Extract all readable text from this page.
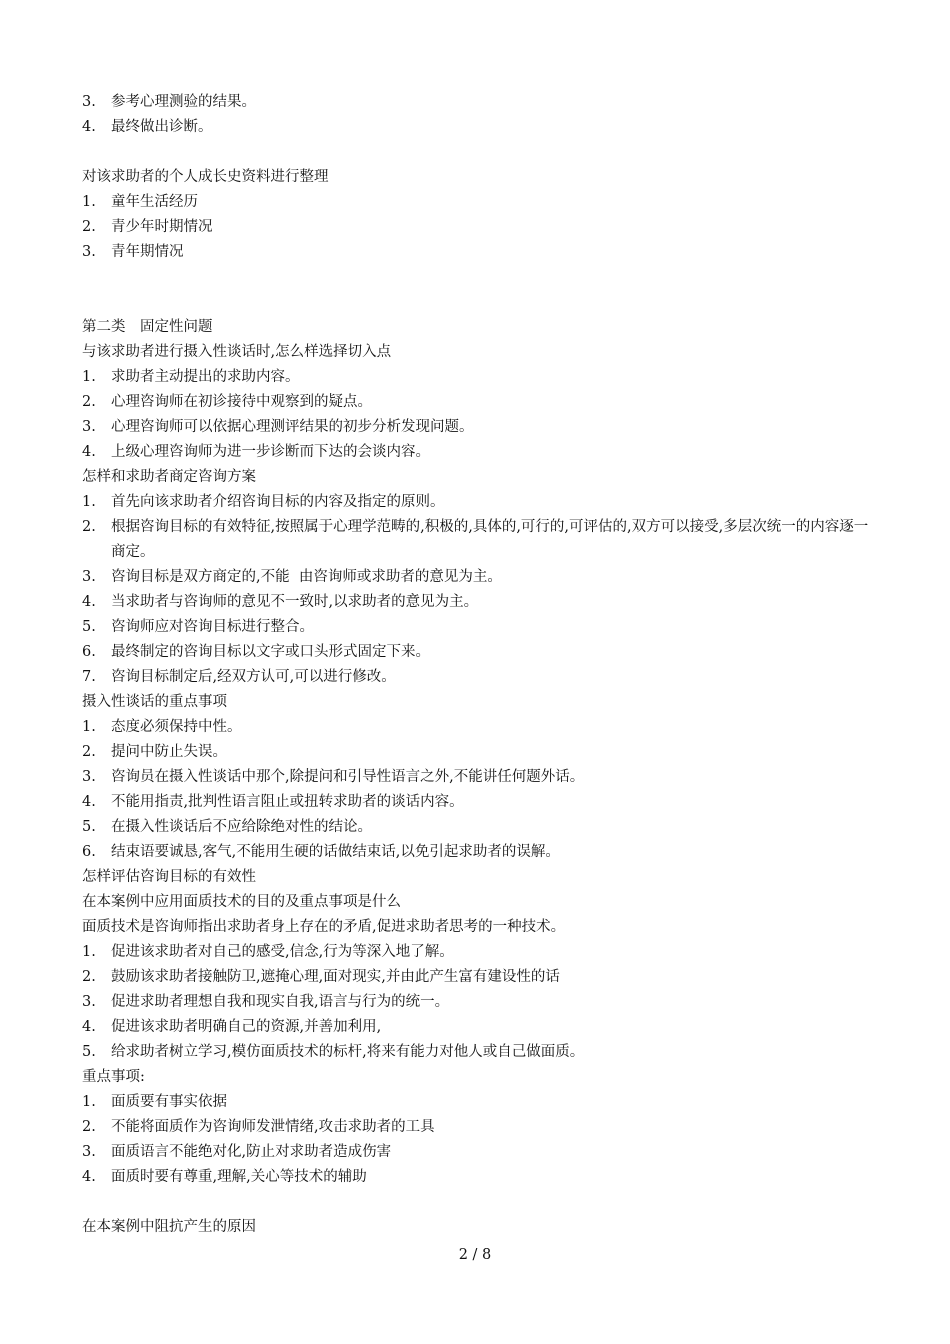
3.	参考心理测验的结果。
4.	最终做出诊断。
对该求助者的个人成长史资料进行整理
1.	童年生活经历
2.	青少年时期情况
3.	青年期情况
第二类　固定性问题
与该求助者进行摄入性谈话时,怎么样选择切入点
1.	求助者主动提出的求助内容。
2.	心理咨询师在初诊接待中观察到的疑点。
3.	心理咨询师可以依据心理测评结果的初步分析发现问题。
4.	上级心理咨询师为进一步诊断而下达的会谈内容。
怎样和求助者商定咨询方案
1.	首先向该求助者介绍咨询目标的内容及指定的原则。
2.	根据咨询目标的有效特征,按照属于心理学范畴的,积极的,具体的,可行的,可评估的,双方可以接受,多层次统一的内容逐一商定。
3.	咨询目标是双方商定的,不能  由咨询师或求助者的意见为主。
4.	当求助者与咨询师的意见不一致时,以求助者的意见为主。
5.	咨询师应对咨询目标进行整合。
6.	最终制定的咨询目标以文字或口头形式固定下来。
7.	咨询目标制定后,经双方认可,可以进行修改。
摄入性谈话的重点事项
1.	态度必须保持中性。
2.	提问中防止失误。
3.	咨询员在摄入性谈话中那个,除提问和引导性语言之外,不能讲任何题外话。
4.	不能用指责,批判性语言阻止或扭转求助者的谈话内容。
5.	在摄入性谈话后不应给除绝对性的结论。
6.	结束语要诚恳,客气,不能用生硬的话做结束话,以免引起求助者的误解。
怎样评估咨询目标的有效性
在本案例中应用面质技术的目的及重点事项是什么
面质技术是咨询师指出求助者身上存在的矛盾,促进求助者思考的一种技术。
1.	促进该求助者对自己的感受,信念,行为等深入地了解。
2.	鼓励该求助者接触防卫,遮掩心理,面对现实,并由此产生富有建设性的话
3.	促进求助者理想自我和现实自我,语言与行为的统一。
4.	促进该求助者明确自己的资源,并善加利用,
5.	给求助者树立学习,模仿面质技术的标杆,将来有能力对他人或自己做面质。
重点事项:
1.	面质要有事实依据
2.	不能将面质作为咨询师发泄情绪,攻击求助者的工具
3.	面质语言不能绝对化,防止对求助者造成伤害
4.	面质时要有尊重,理解,关心等技术的辅助
在本案例中阻抗产生的原因
2 / 8
